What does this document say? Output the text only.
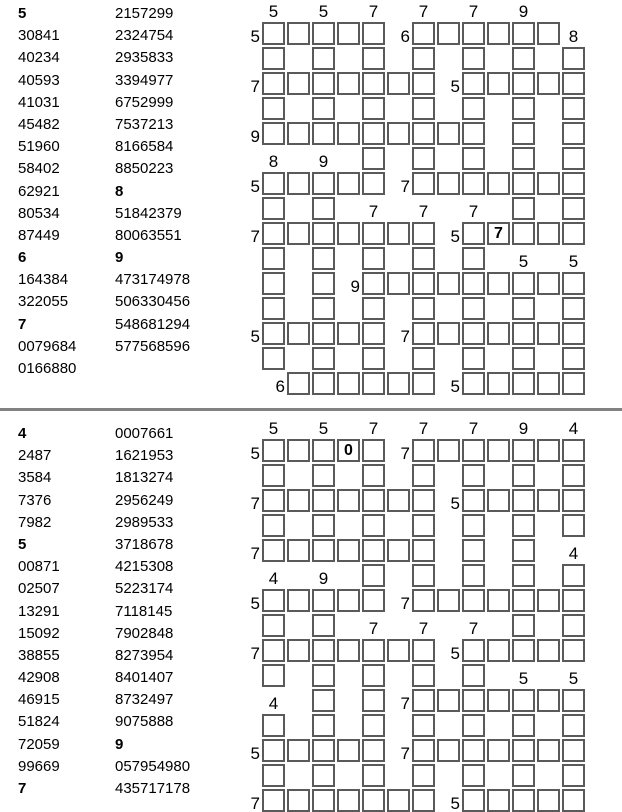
5
30841
40234
40593
41031
45482
51960
58402
62921
80534
87449
6
164384
322055
7
0079684
0166880
2157299
2324754
2935833
3394977
6752999
7537213
8166584
8850223
8
51842379
80063551
9
473174978
506330456
548681294
577568596
5	5	7	7	7	9
5
7
9
5
7
5
6	8
5
8	9
7
7	7	7
5	7
5	5
9
7
6	5
4
2487
3584
7376
7982
5
00871
02507
13291
15092
38855
42908
46915
51824
72059
99669
7
0007661
1621953
1813274
2956249
2989533
3718678
4215308
5223174
7118145
7902848
8273954
8401407
8732497
9075888
9
057954980
435717178
5	5	7	7	7	9	4
5
7
7
5
7
5
7
0	7
5
4
4	9
7
7	7	7
5
5	5
4	7
7
5
